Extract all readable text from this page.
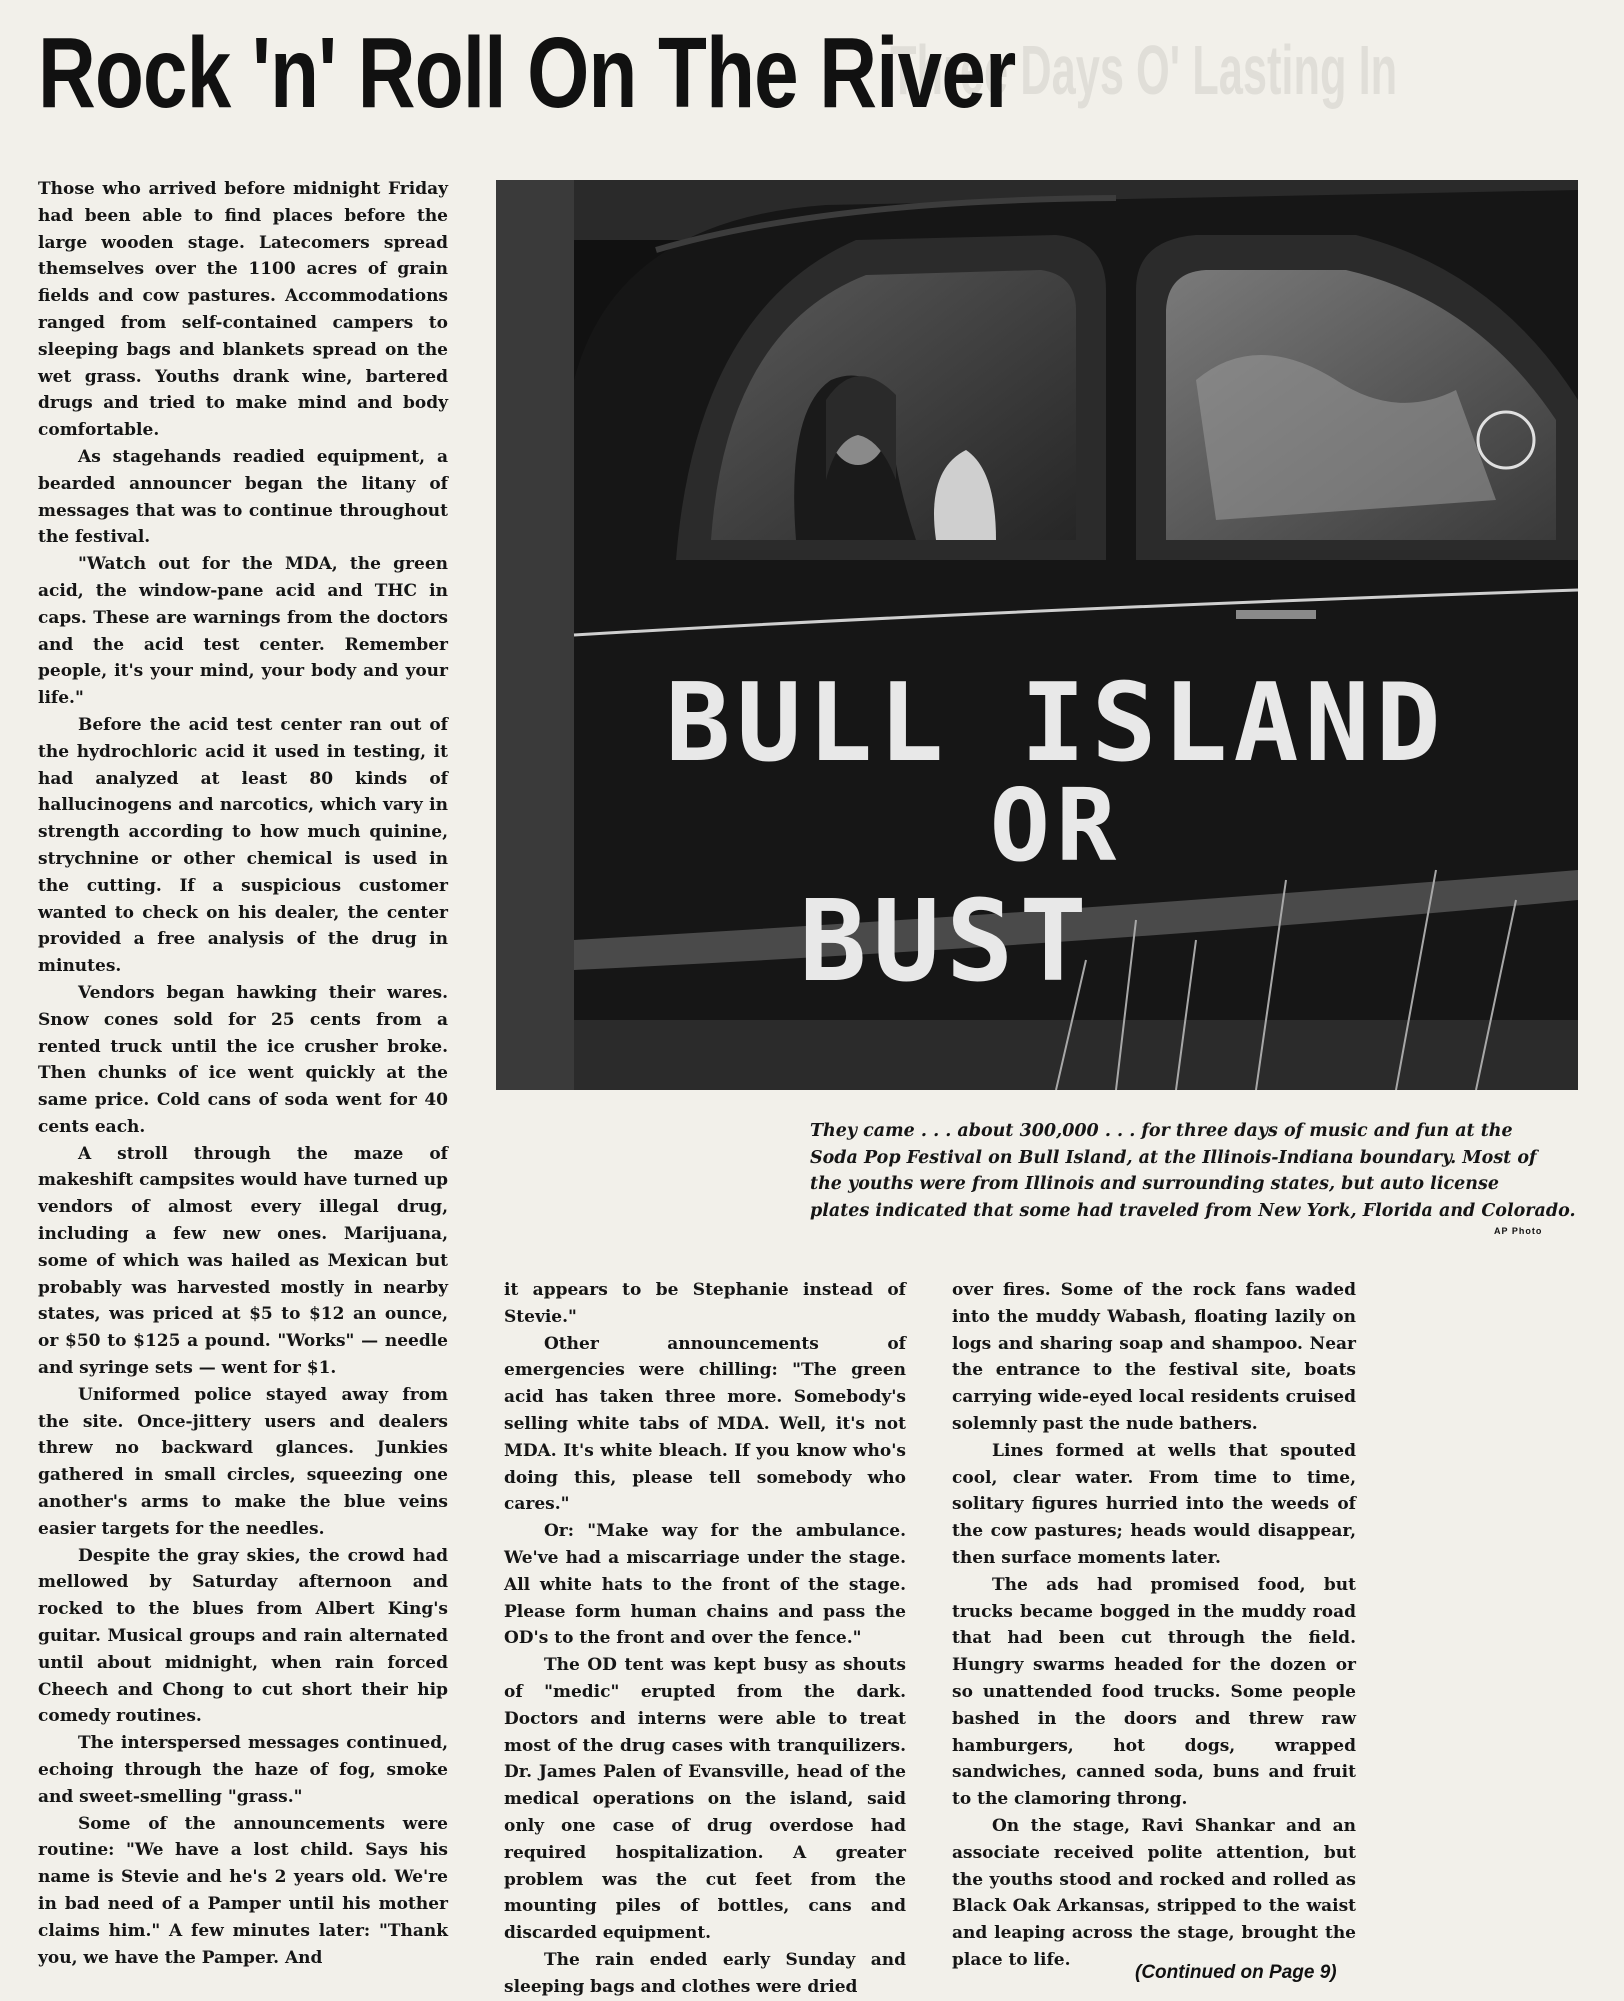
Three Days O' Lasting In
Rock 'n' Roll On The River

Those who arrived before midnight Friday had been able to find places before the large wooden stage. Latecomers spread themselves over the 1100 acres of grain fields and cow pastures. Accommodations ranged from self-contained campers to sleeping bags and blankets spread on the wet grass. Youths drank wine, bartered drugs and tried to make mind and body comfortable.

As stagehands readied equipment, a bearded announcer began the litany of messages that was to continue throughout the festival.

"Watch out for the MDA, the green acid, the window-pane acid and THC in caps. These are warnings from the doctors and the acid test center. Remember people, it's your mind, your body and your life."

Before the acid test center ran out of the hydrochloric acid it used in testing, it had analyzed at least 80 kinds of hallucinogens and narcotics, which vary in strength according to how much quinine, strychnine or other chemical is used in the cutting. If a suspicious customer wanted to check on his dealer, the center provided a free analysis of the drug in minutes.

Vendors began hawking their wares. Snow cones sold for 25 cents from a rented truck until the ice crusher broke. Then chunks of ice went quickly at the same price. Cold cans of soda went for 40 cents each.

A stroll through the maze of makeshift campsites would have turned up vendors of almost every illegal drug, including a few new ones. Marijuana, some of which was hailed as Mexican but probably was harvested mostly in nearby states, was priced at $5 to $12 an ounce, or $50 to $125 a pound. "Works" — needle and syringe sets — went for $1.

Uniformed police stayed away from the site. Once-jittery users and dealers threw no backward glances. Junkies gathered in small circles, squeezing one another's arms to make the blue veins easier targets for the needles.

Despite the gray skies, the crowd had mellowed by Saturday afternoon and rocked to the blues from Albert King's guitar. Musical groups and rain alternated until about midnight, when rain forced Cheech and Chong to cut short their hip comedy routines.

The interspersed messages continued, echoing through the haze of fog, smoke and sweet-smelling "grass."

Some of the announcements were routine: "We have a lost child. Says his name is Stevie and he's 2 years old. We're in bad need of a Pamper until his mother claims him." A few minutes later: "Thank you, we have the Pamper. And

BULL ISLAND
OR
BUST
They came . . . about 300,000 . . . for three days of music and fun at the
Soda Pop Festival on Bull Island, at the Illinois-Indiana boundary. Most of
the youths were from Illinois and surrounding states, but auto license
plates indicated that some had traveled from New York, Florida and Colorado.
AP Photo

it appears to be Stephanie instead of Stevie."

Other announcements of emergencies were chilling: "The green acid has taken three more. Somebody's selling white tabs of MDA. Well, it's not MDA. It's white bleach. If you know who's doing this, please tell somebody who cares."

Or: "Make way for the ambulance. We've had a miscarriage under the stage. All white hats to the front of the stage. Please form human chains and pass the OD's to the front and over the fence."

The OD tent was kept busy as shouts of "medic" erupted from the dark. Doctors and interns were able to treat most of the drug cases with tranquilizers. Dr. James Palen of Evansville, head of the medical operations on the island, said only one case of drug overdose had required hospitalization. A greater problem was the cut feet from the mounting piles of bottles, cans and discarded equipment.

The rain ended early Sunday and sleeping bags and clothes were dried

over fires. Some of the rock fans waded into the muddy Wabash, floating lazily on logs and sharing soap and shampoo. Near the entrance to the festival site, boats carrying wide-eyed local residents cruised solemnly past the nude bathers.

Lines formed at wells that spouted cool, clear water. From time to time, solitary figures hurried into the weeds of the cow pastures; heads would disappear, then surface moments later.

The ads had promised food, but trucks became bogged in the muddy road that had been cut through the field. Hungry swarms headed for the dozen or so unattended food trucks. Some people bashed in the doors and threw raw hamburgers, hot dogs, wrapped sandwiches, canned soda, buns and fruit to the clamoring throng.

On the stage, Ravi Shankar and an associate received polite attention, but the youths stood and rocked and rolled as Black Oak Arkansas, stripped to the waist and leaping across the stage, brought the place to life.

(Continued on Page 9)
